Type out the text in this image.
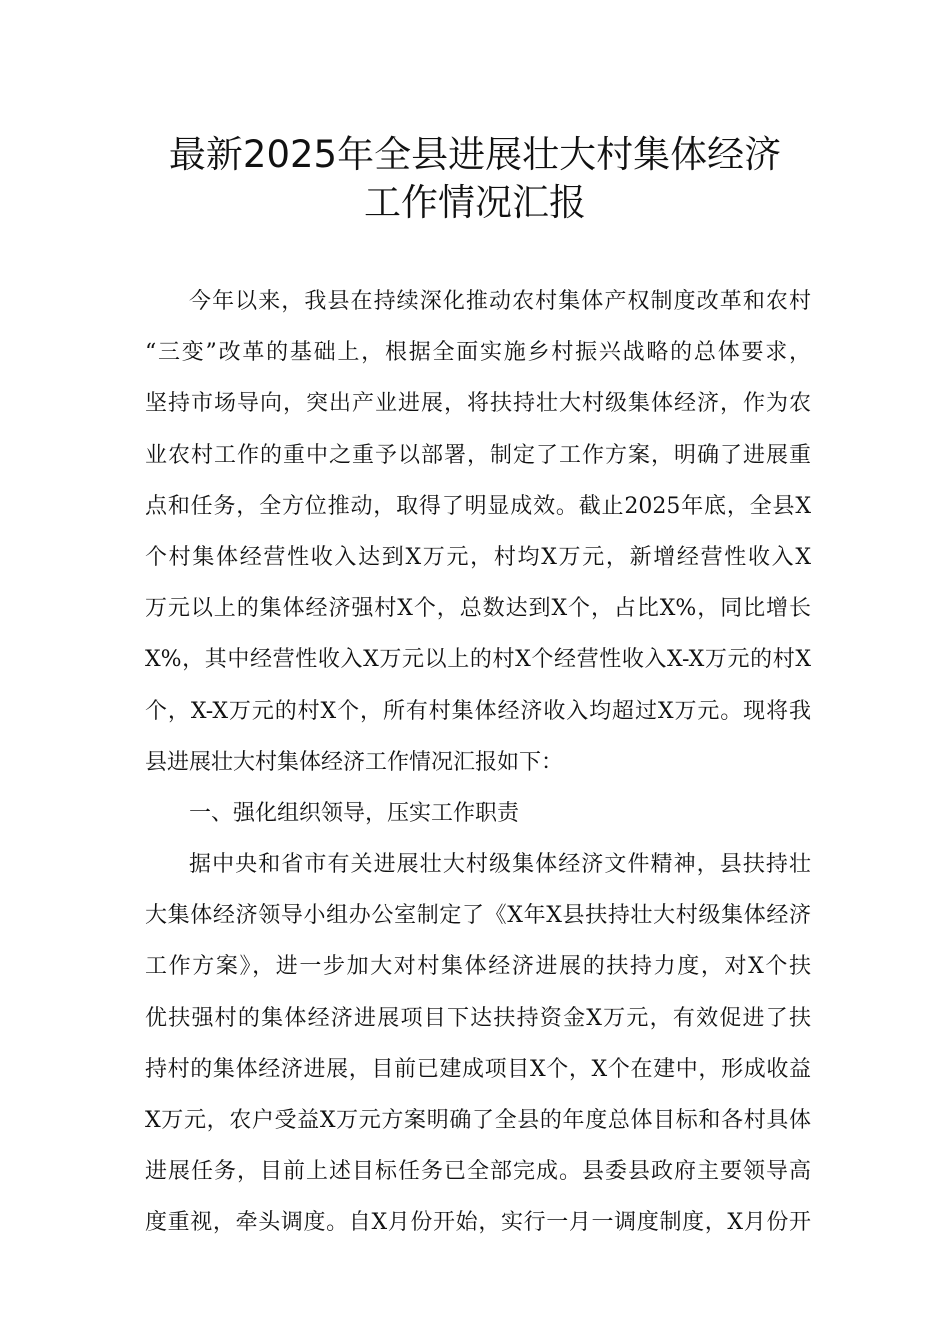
最新2025年全县进展壮大村集体经济
工作情况汇报
今年以来，我县在持续深化推动农村集体产权制度改革和农村
“三变”改革的基础上，根据全面实施乡村振兴战略的总体要求，
坚持市场导向，突出产业进展，将扶持壮大村级集体经济，作为农
业农村工作的重中之重予以部署，制定了工作方案，明确了进展重
点和任务，全方位推动，取得了明显成效。截止2025年底，全县X
个村集体经营性收入达到X万元，村均X万元，新增经营性收入X
万元以上的集体经济强村X个，总数达到X个，占比X%，同比增长
X%，其中经营性收入X万元以上的村X个经营性收入X-X万元的村X
个，X-X万元的村X个，所有村集体经济收入均超过X万元。现将我
县进展壮大村集体经济工作情况汇报如下：
一、强化组织领导，压实工作职责
据中央和省市有关进展壮大村级集体经济文件精神，县扶持壮
大集体经济领导小组办公室制定了《X年X县扶持壮大村级集体经济
工作方案》，进一步加大对村集体经济进展的扶持力度，对X个扶
优扶强村的集体经济进展项目下达扶持资金X万元，有效促进了扶
持村的集体经济进展，目前已建成项目X个，X个在建中，形成收益
X万元，农户受益X万元方案明确了全县的年度总体目标和各村具体
进展任务，目前上述目标任务已全部完成。县委县政府主要领导高
度重视，牵头调度。自X月份开始，实行一月一调度制度，X月份开
